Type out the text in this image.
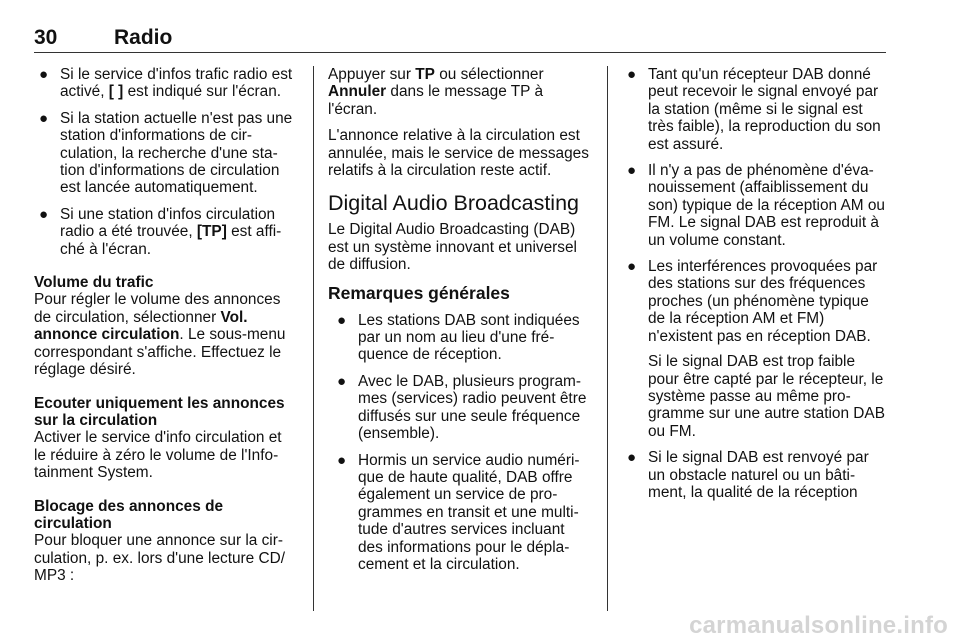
30	Radio
● Si le service d'infos trafic radio est activé, [ ] est indiqué sur l'écran.
● Si la station actuelle n'est pas une station d'informations de circulation, la recherche d'une station d'informations de circulation est lancée automatiquement.
● Si une station d'infos circulation radio a été trouvée, [TP] est affiché à l'écran.

Volume du trafic
Pour régler le volume des annonces de circulation, sélectionner Vol. annonce circulation. Le sous-menu correspondant s'affiche. Effectuez le réglage désiré.

Ecouter uniquement les annonces sur la circulation
Activer le service d'info circulation et le réduire à zéro le volume de l'Infotainment System.

Blocage des annonces de circulation
Pour bloquer une annonce sur la circulation, p. ex. lors d'une lecture CD/ MP3 :

Appuyer sur TP ou sélectionner Annuler dans le message TP à l'écran.

L'annonce relative à la circulation est annulée, mais le service de messages relatifs à la circulation reste actif.

Digital Audio Broadcasting

Le Digital Audio Broadcasting (DAB) est un système innovant et universel de diffusion.

Remarques générales
● Les stations DAB sont indiquées par un nom au lieu d'une fréquence de réception.
● Avec le DAB, plusieurs programmes (services) radio peuvent être diffusés sur une seule fréquence (ensemble).
● Hormis un service audio numérique de haute qualité, DAB offre également un service de programmes en transit et une multitude d'autres services incluant des informations pour le déplacement et la circulation.
● Tant qu'un récepteur DAB donné peut recevoir le signal envoyé par la station (même si le signal est très faible), la reproduction du son est assuré.
● Il n'y a pas de phénomène d'évanouissement (affaiblissement du son) typique de la réception AM ou FM. Le signal DAB est reproduit à un volume constant.
● Les interférences provoquées par des stations sur des fréquences proches (un phénomène typique de la réception AM et FM) n'existent pas en réception DAB.
Si le signal DAB est trop faible pour être capté par le récepteur, le système passe au même programme sur une autre station DAB ou FM.
● Si le signal DAB est renvoyé par un obstacle naturel ou un bâtiment, la qualité de la réception
carmanualsonline.info
